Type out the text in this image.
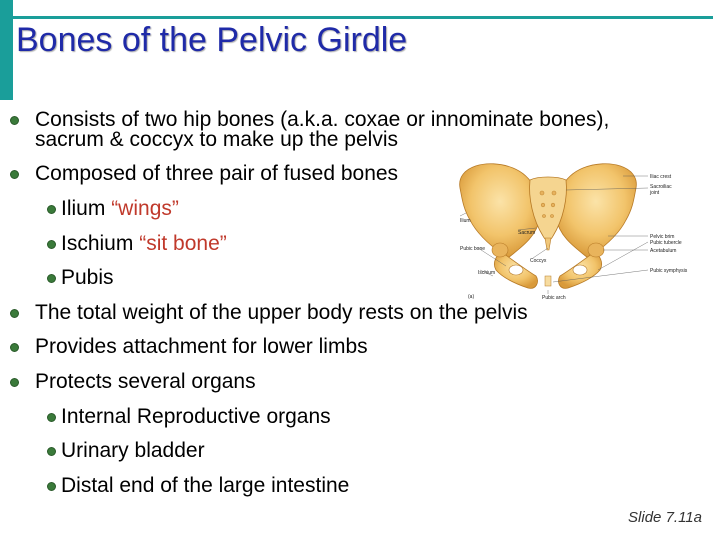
Bones of the Pelvic Girdle
Consists of two hip bones (a.k.a. coxae or innominate bones),
sacrum & coccyx to make up the pelvis
Composed of three pair of fused bones
Ilium “wings”
Ischium “sit bone”
Pubis
The total weight of the upper body rests on the pelvis
Provides attachment for lower limbs
Protects several organs
Internal Reproductive organs
Urinary bladder
Distal end of the large intestine
Iliac crest
Sacroiliac
joint
Ilium
Sacrum
Pubic bone
Coccyx
Ischium
Pelvic brim
Pubic tubercle
Acetabulum
Pubic symphysis
Pubic arch
(a)
Slide 7.11a
